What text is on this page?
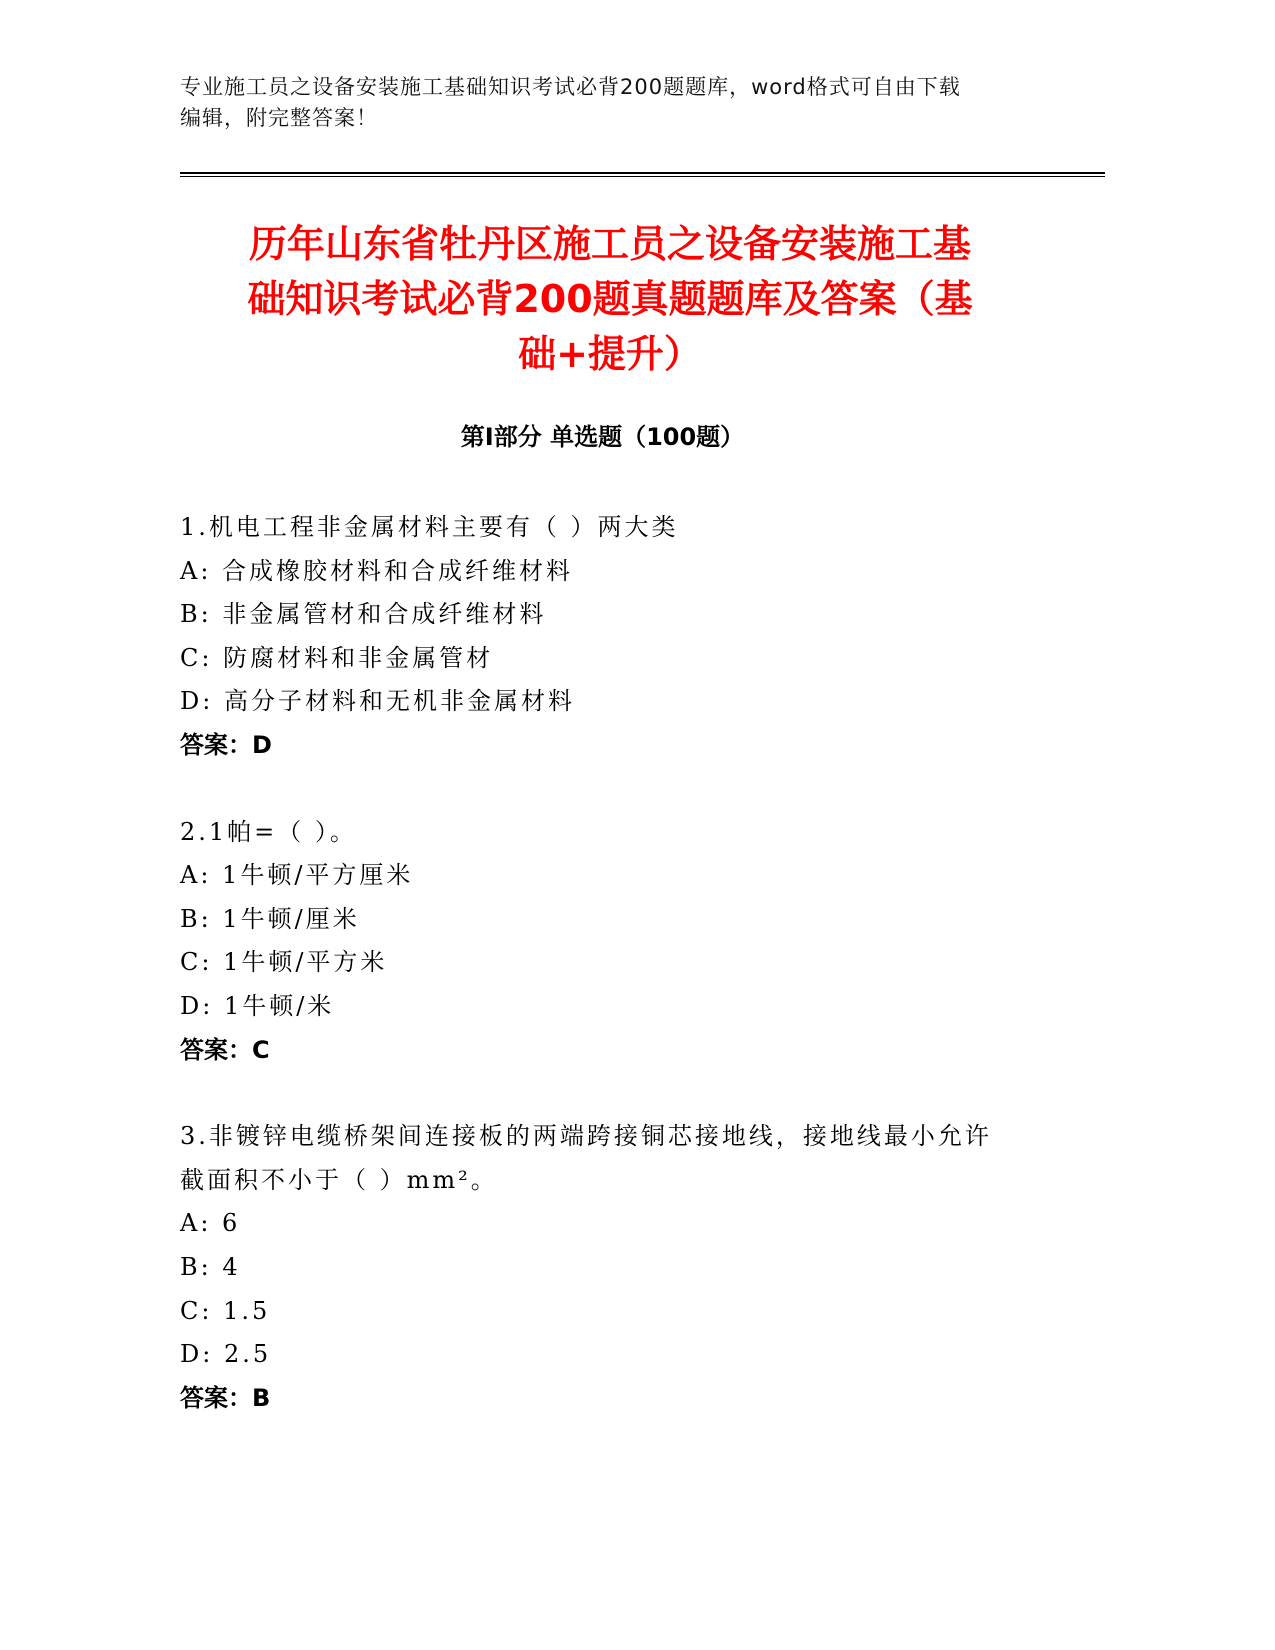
专业施工员之设备安装施工基础知识考试必背200题题库，word格式可自由下载
编辑，附完整答案！
历年山东省牡丹区施工员之设备安装施工基
础知识考试必背200题真题题库及答案（基
础+提升）
第I部分 单选题（100题）
1.机电工程非金属材料主要有（ ）两大类
A: 合成橡胶材料和合成纤维材料
B: 非金属管材和合成纤维材料
C: 防腐材料和非金属管材
D: 高分子材料和无机非金属材料
答案：D
2.1帕=（ ）。
A: 1牛顿/平方厘米
B: 1牛顿/厘米
C: 1牛顿/平方米
D: 1牛顿/米
答案：C
3.非镀锌电缆桥架间连接板的两端跨接铜芯接地线，接地线最小允许
截面积不小于（ ）mm²。
A: 6
B: 4
C: 1.5
D: 2.5
答案：B
